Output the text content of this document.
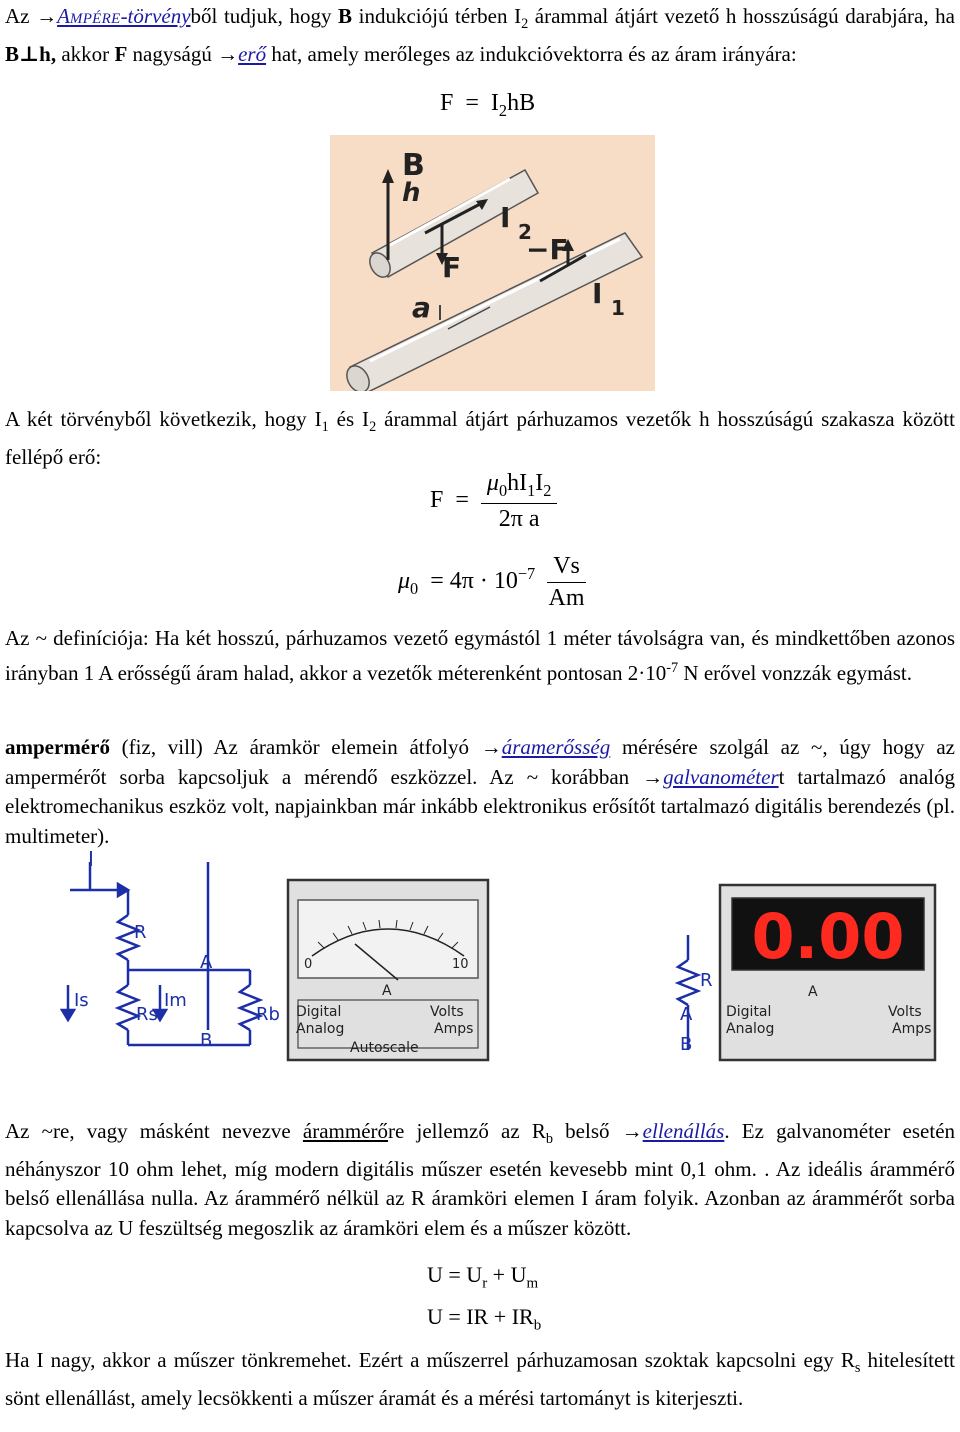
Az →AMPÉRE-törvényből tudjuk, hogy B indukciójú térben $I_2$ árammal átjárt vezető h hosszúságú darabjára, ha B⊥h, akkor F nagyságú →erő hat, amely merőleges az indukcióvektorra és az áram irányára:
$F = I_2hB$
B
h
I 2
F
−F
I 1
a
A két törvényből következik, hogy $I_1$ és $I_2$ árammal átjárt párhuzamos vezetők h hosszúságú szakasza között fellépő erő:
$F = \frac{\mu_0hI_1I_2}{\text{2π a}}$
$\mu_0 = 4\pi \cdot 10^{-7} \frac{Vs}{Am}$
Az ~ definíciója: Ha két hosszú, párhuzamos vezető egymástól 1 méter távolságra van, és mindkettőben azonos irányban 1 A erősségű áram halad, akkor a vezetők méterenként pontosan $2\cdot 10^{-7}$ N erővel vonzzák egymást.
ampermérő (fiz, vill) Az áramkör elemein átfolyó →áramerősség mérésére szolgál az ~, úgy hogy az ampermérőt sorba kapcsoljuk a mérendő eszközzel. Az ~ korábban →galvanométert tartalmazó analóg elektromechanikus eszköz volt, napjainkban már inkább elektronikus erősítőt tartalmazó digitális berendezés (pl. multimeter).
I
R
A
Is	Im
Rs	Rb
B
0	10
A
Digital
Analog
Volts
Amps
Autoscale
R
A
B
0.00
A
Digital
Analog
Volts
Amps
Az ~re, vagy másként nevezve árammérőre jellemző az $R_b$ belső →ellenállás. Ez galvanométer esetén néhányszor 10 ohm lehet, míg modern digitális műszer esetén kevesebb mint 0,1 ohm. . Az ideális árammérő belső ellenállása nulla. Az árammérő nélkül az R áramköri elemen I áram folyik. Azonban az árammérőt sorba kapcsolva az U feszültség megoszlik az áramköri elem és a műszer között.
$U = U_r + U_m$
U = IR + $IR_b$
Ha I nagy, akkor a műszer tönkremehet. Ezért a műszerrel párhuzamosan szoktak kapcsolni egy $R_s$ hitelesített sönt ellenállást, amely lecsökkenti a műszer áramát és a mérési tartományt is kiterjeszti.
